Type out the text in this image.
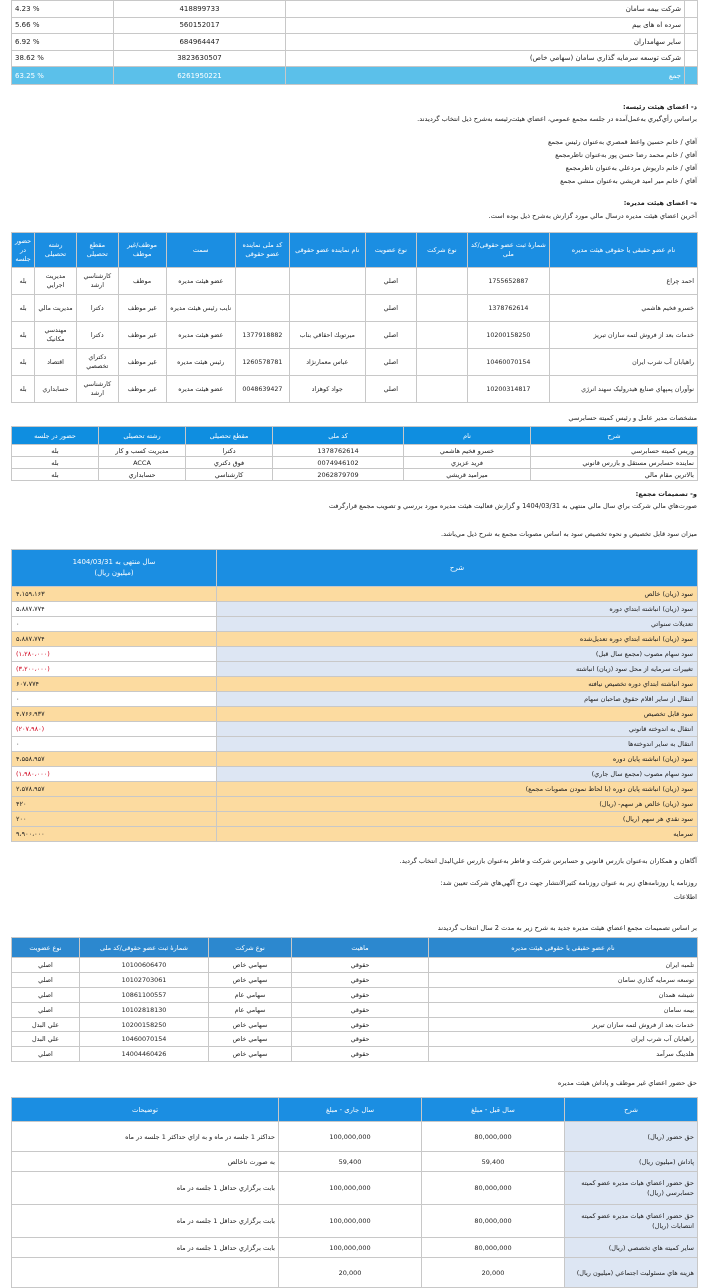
	شرکت بیمه سامان	418899733	% 4.23
	سرده اه های بیم	560152017	% 5.66
	سایر سهامداران	684964447	% 6.92
	شرکت توسعه سرمایه گذاري سامان (سهامي خاص)	3823630507	% 38.62
	جمع	6261950221	% 63.25
د- اعضای هیئت رئیسه:
براساس رأي‌گيري به‌عمل‌آمده در جلسه مجمع عمومي، اعضاي هيئت‌رئيسه به‌شرح ذيل انتخاب گرديدند.
آقاي / خانم حسين واعظ قمصري به‌عنوان رئيس مجمع
آقاي / خانم محمد رضا حسن پور به‌عنوان ناظرمجمع
آقاي / خانم داريوش مردعلي به‌عنوان ناظرمجمع
آقاي / خانم مير اميد قريشي به‌عنوان منشي مجمع
ه- اعضای هیئت مدیره:
آخرين اعضاي هيئت مديره درسال مالي مورد گزارش به‌شرح ذيل بوده است.
نام عضو حقیقی یا حقوقی هیئت مدیره	شمارهٔ ثبت عضو حقوقی/کد ملی	نوع شرکت	نوع عضویت	نام نماینده عضو حقوقی	کد ملی نماینده عضو حقوقی	سمت	موظف/غیر موظف	مقطع تحصیلی	رشته تحصیلی	حضور در جلسه
احمد چراغ	1755652887		اصلي			عضو هيئت مديره	موظف	كارشناسي ارشد	مديريت اجرايي	بله
خسرو فخيم هاشمي	1378762614		اصلي			نايب رئيس هيئت مديره	غير موظف	دكترا	مديريت مالي	بله
خدمات بعد از فروش لتمه سازان تبريز	10200158250		اصلي	ميرتوبك احقاقي بناب	1377918882	عضو هيئت مديره	غير موظف	دكترا	مهندسي مكانيک	بله
راهيابان آب شرب ايران	10460070154		اصلي	عباس معمارنژاد	1260578781	رئيس هيئت مديره	غير موظف	دكتراي تخصصي	اقتصاد	بله
نوآوران پمپهاي صنايع هيدروليک سهند انرژي	10200314817		اصلي	جواد کوهزاد	0048639427	عضو هيئت مديره	غير موظف	كارشناسي ارشد	حسابداري	بله
مشخصات مدير عامل و رئيس کميته حسابرسي
شرح	نام	کد ملی	مقطع تحصیلی	رشته تحصیلی	حضور در جلسه
وريس کميته حسابرسي	خسرو فخيم هاشمي	1378762614	دكترا	مديريت كسب و كار	بله
نماينده حسابرس مستقل و بازرس قانوني	فريد عزيزي	0074946102	فوق دكتري	ACCA	بله
بالاترين مقام مالي	ميراميد قريشي	2062879709	كارشناسي	حسابداري	بله
و- تصمیمات مجمع:
صورت‌هاي مالي شرکت براي سال مالي منتهي به 1404/03/31 و گزارش فعاليت هيئت مديره مورد بررسي و تصويب مجمع قرارگرفت
ميزان سود قابل تخصيص و نحوه تخصيص سود به اساس مصوبات مجمع به شرح ذيل مي‌باشد.
شرح	سال منتهی به 1404/03/31
(میلیون ریال)

سود (زيان) خالص	۴،۱۵۹،۱۶۳
سود (زيان) انباشته ابتداي دوره	۵،۸۸۷،۷۷۴
تعديلات سنواتي	۰
سود (زيان) انباشته ابتداي دوره تعديل‌شده	۵،۸۸۷،۷۷۴
سود سهام مصوب (مجمع سال قبل)	(۱،۲۸۰،۰۰۰)
تغييرات سرمايه از محل سود (زيان) انباشته	(۳،۲۰۰،۰۰۰)
سود انباشته ابتداي دوره تخصيص نيافته	۶۰۷،۷۷۴
انتقال از ساير اقلام حقوق صاحبان سهام	۰
سود قابل تخصيص	۴،۷۶۶،۹۳۷
انتقال به اندوخته قانوني	(۲۰۷،۹۸۰)
انتقال به ساير اندوخته‌ها	۰
سود (زيان) انباشته پايان دوره	۴،۵۵۸،۹۵۷
سود سهام مصوب (مجمع سال جاري)	(۱،۹۸۰،۰۰۰)
سود (زيان) انباشته پايان دوره (با لحاظ نمودن مصوبات مجمع)	۲،۵۷۸،۹۵۷
سود (زيان) خالص هر سهم- (ريال)	۴۲۰
سود نقدي هر سهم (ريال)	۲۰۰
سرمايه	۹،۹۰۰،۰۰۰
آگاهان و همكاران به‌عنوان بازرس قانوني و حسابرس شرکت و فاطر به‌عنوان بازرس علي‌البدل انتخاب گرديد.
روزنامه يا روزنامه‌هاي زير به عنوان روزنامه كثيرالانتشار جهت درج آگهي‌هاي شرکت تعيين شد:
اطلاعات
بر اساس تصميمات مجمع اعضاي هيئت مديره جديد به شرح زير به مدت 2 سال انتخاب گرديدند
نام عضو حقیقی یا حقوقی هیئت مدیره	ماهیت	نوع شرکت	شمارهٔ ثبت عضو حقوقی/کد ملی	نوع عضویت
تلمبه ايران	حقوقي	سهامي خاص	10100606470	اصلي
توسعه سرمايه گذاري سامان	حقوقي	سهامي خاص	10102703061	اصلي
شيشه همدان	حقوقي	سهامي عام	10861100557	اصلي
بيمه سامان	حقوقي	سهامي عام	10102818130	اصلي
خدمات بعد از فروش لتمه سازان تبريز	حقوقي	سهامي خاص	10200158250	علي البدل
راهيابان آب شرب ايران	حقوقي	سهامي خاص	10460070154	علي البدل
هلدينگ سرآمد	حقوقي	سهامي خاص	14004460426	اصلي
حق حضور اعضاي غير موظف و پاداش هيئت مديره
شرح	سال قبل - مبلغ	سال جاری - مبلغ	توضیحات
حق حضور (ريال)	80,000,000	100,000,000	حداكثر 1 جلسه در ماه و به ازاي حداكثر 1 جلسه در ماه
پاداش (ميليون ريال)	59,400	59,400	به صورت ناخالص
حق حضور اعضاي هيات مديره عضو کميته حسابرسي (ريال)	80,000,000	100,000,000	بابت برگزاري حداقل 1 جلسه در ماه
حق حضور اعضاي هيات مديره عضو کميته انتصابات (ريال)	80,000,000	100,000,000	بابت برگزاري حداقل 1 جلسه در ماه
ساير کميته هاي تخصصي (ريال)	80,000,000	100,000,000	بابت برگزاري حداقل 1 جلسه در ماه
هزينه هاي مسئوليت اجتماعي (ميليون ريال)	20,000	20,000	
